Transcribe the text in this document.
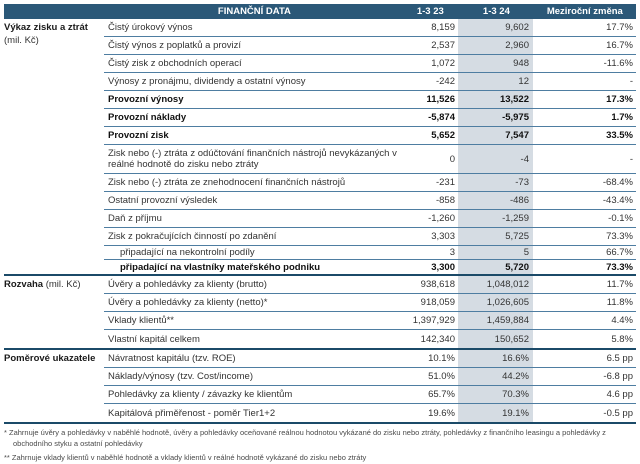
FINANČNÍ DATA	1-3 23	1-3 24	Meziroční změna
Výkaz zisku a ztrát
(mil. Kč)
Čistý úrokový výnos	8,159	9,602	17.7%
Čistý výnos z poplatků a provizí	2,537	2,960	16.7%
Čistý zisk z obchodních operací	1,072	948	-11.6%
Výnosy z pronájmu, dividendy a ostatní výnosy	-242	12	-
Provozní výnosy	11,526	13,522	17.3%
Provozní náklady	-5,874	-5,975	1.7%
Provozní zisk	5,652	7,547	33.5%
Zisk nebo (-) ztráta z odúčtování finančních nástrojů nevykázaných v reálné hodnotě do zisku nebo ztráty	0	-4	-
Zisk nebo (-) ztráta ze znehodnocení finančních nástrojů	-231	-73	-68.4%
Ostatní provozní výsledek	-858	-486	-43.4%
Daň z příjmu	-1,260	-1,259	-0.1%
Zisk z pokračujících činností po zdanění	3,303	5,725	73.3%
připadající na nekontrolní podíly	3	5	66.7%
připadající na vlastníky mateřského podniku	3,300	5,720	73.3%
Rozvaha (mil. Kč)	Úvěry a pohledávky za klienty (brutto)	938,618	1,048,012	11.7%
Úvěry a pohledávky za klienty (netto)*	918,059	1,026,605	11.8%
Vklady klientů**	1,397,929	1,459,884	4.4%
Vlastní kapitál celkem	142,340	150,652	5.8%
Poměrové ukazatele	Návratnost kapitálu (tzv. ROE)	10.1%	16.6%	6.5 pp
Náklady/výnosy (tzv. Cost/income)	51.0%	44.2%	-6.8 pp
Pohledávky za klienty / závazky ke klientům	65.7%	70.3%	4.6 pp
Kapitálová přiměřenost - poměr Tier1+2	19.6%	19.1%	-0.5 pp

* Zahrnuje úvěry a pohledávky v naběhlé hodnotě, úvěry a pohledávky oceňované reálnou hodnotou vykázané do zisku nebo ztráty, pohledávky z finančního leasingu a pohledávky z obchodního styku a ostatní pohledávky

** Zahrnuje vklady klientů v naběhlé hodnotě a vklady klientů v reálné hodnotě vykázané do zisku nebo ztráty
